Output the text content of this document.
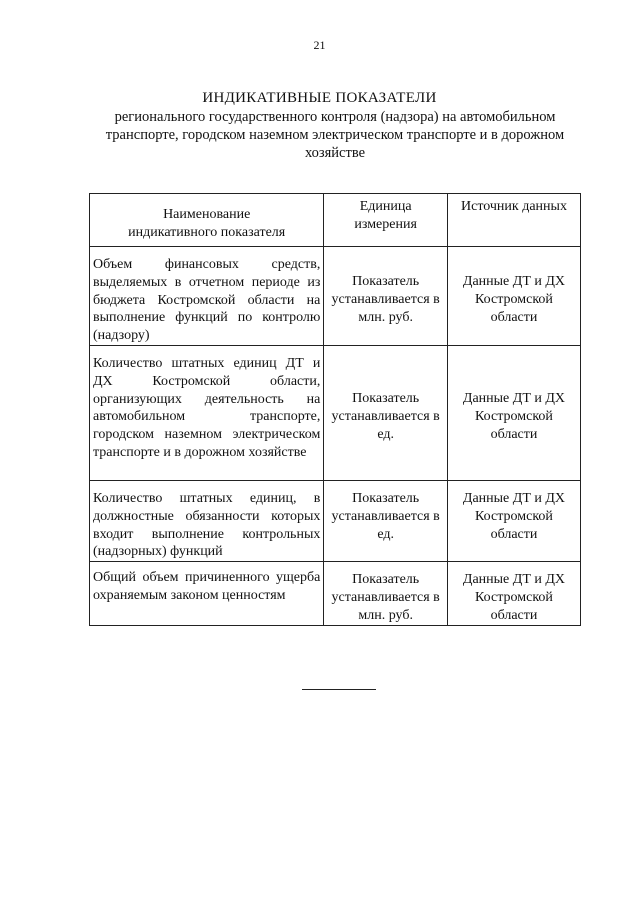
21
ИНДИКАТИВНЫЕ ПОКАЗАТЕЛИ
регионального государственного контроля (надзора) на автомобильном транспорте, городском наземном электрическом транспорте и в дорожном хозяйстве
Наименование
индикативного показателя	Единица
измерения	Источник данных

Объем финансовых средств, выделяемых в отчетном периоде из бюджета Костромской области на выполнение функций по контролю (надзору)	Показатель
устанавливается в
млн. руб.	Данные ДТ и ДХ
Костромской
области

Количество штатных единиц ДТ и ДХ Костромской области, организующих деятельность на автомобильном транспорте, городском наземном электрическом транспорте и в дорожном хозяйстве	Показатель
устанавливается в
ед.	Данные ДТ и ДХ
Костромской
области

Количество штатных единиц, в должностные обязанности которых входит выполнение контрольных (надзорных) функций	Показатель
устанавливается в
ед.	Данные ДТ и ДХ
Костромской
области

Общий объем причиненного ущерба охраняемым законом ценностям	Показатель
устанавливается в
млн. руб.	Данные ДТ и ДХ
Костромской
области
